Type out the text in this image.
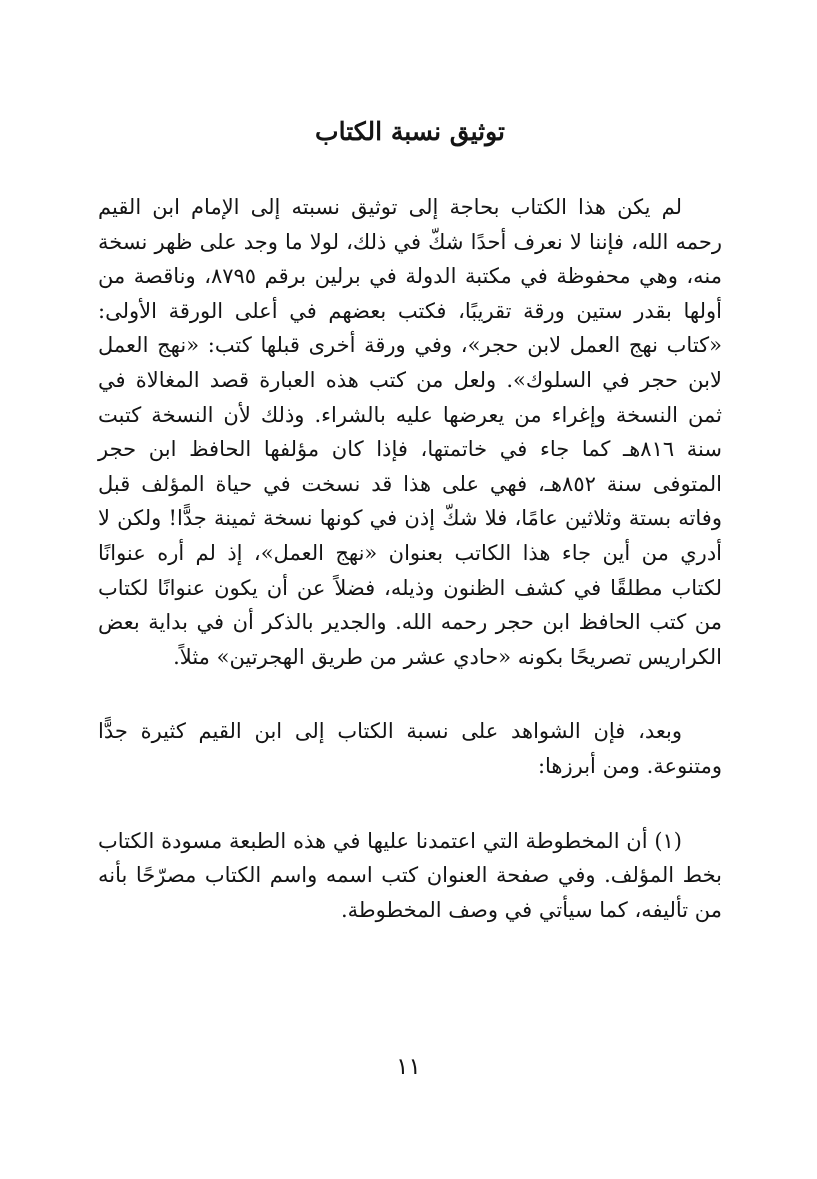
توثيق نسبة الكتاب

لم يكن هذا الكتاب بحاجة إلى توثيق نسبته إلى الإمام ابن القيم رحمه الله، فإننا لا نعرف أحدًا شكّ في ذلك، لولا ما وجد على ظهر نسخة منه، وهي محفوظة في مكتبة الدولة في برلين برقم ٨٧٩٥، وناقصة من أولها بقدر ستين ورقة تقريبًا، فكتب بعضهم في أعلى الورقة الأولى: «كتاب نهج العمل لابن حجر»، وفي ورقة أخرى قبلها كتب: «نهج العمل لابن حجر في السلوك». ولعل من كتب هذه العبارة قصد المغالاة في ثمن النسخة وإغراء من يعرضها عليه بالشراء. وذلك لأن النسخة كتبت سنة ٨١٦هـ كما جاء في خاتمتها، فإذا كان مؤلفها الحافظ ابن حجر المتوفى سنة ٨٥٢هـ، فهي على هذا قد نسخت في حياة المؤلف قبل وفاته بستة وثلاثين عامًا، فلا شكّ إذن في كونها نسخة ثمينة جدًّا! ولكن لا أدري من أين جاء هذا الكاتب بعنوان «نهج العمل»، إذ لم أره عنوانًا لكتاب مطلقًا في كشف الظنون وذيله، فضلاً عن أن يكون عنوانًا لكتاب من كتب الحافظ ابن حجر رحمه الله. والجدير بالذكر أن في بداية بعض الكراريس تصريحًا بكونه «حادي عشر من طريق الهجرتين» مثلاً.

وبعد، فإن الشواهد على نسبة الكتاب إلى ابن القيم كثيرة جدًّا ومتنوعة. ومن أبرزها:

(١) أن المخطوطة التي اعتمدنا عليها في هذه الطبعة مسودة الكتاب بخط المؤلف. وفي صفحة العنوان كتب اسمه واسم الكتاب مصرّحًا بأنه من تأليفه، كما سيأتي في وصف المخطوطة.

١١
